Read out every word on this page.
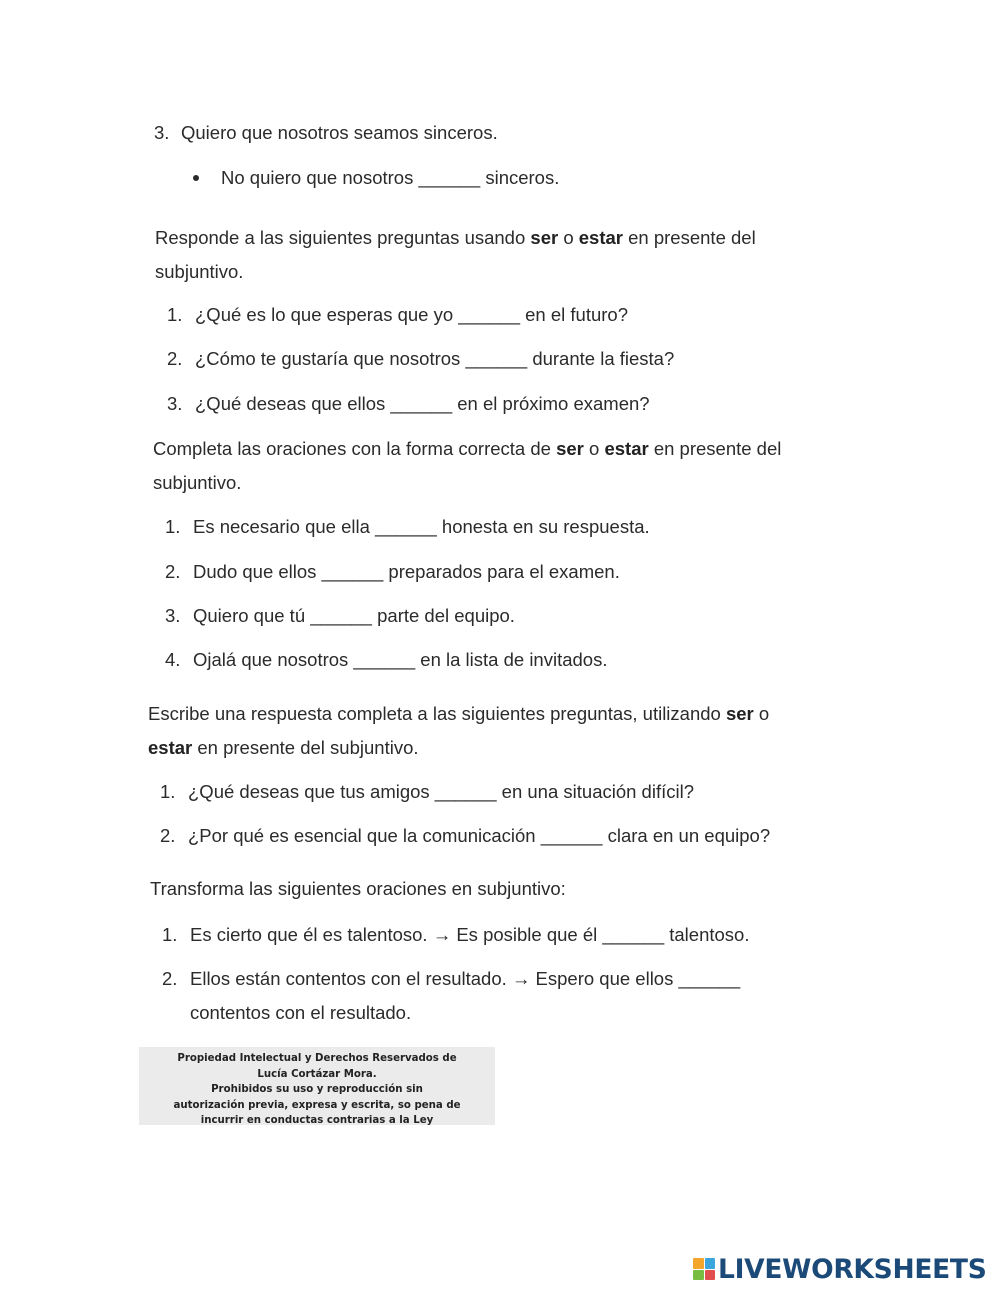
3. Quiero que nosotros seamos sinceros.
No quiero que nosotros ______ sinceros.
Responde a las siguientes preguntas usando ser o estar en presente del subjuntivo.
1. ¿Qué es lo que esperas que yo ______ en el futuro?
2. ¿Cómo te gustaría que nosotros ______ durante la fiesta?
3. ¿Qué deseas que ellos ______ en el próximo examen?
Completa las oraciones con la forma correcta de ser o estar en presente del subjuntivo.
1. Es necesario que ella ______ honesta en su respuesta.
2. Dudo que ellos ______ preparados para el examen.
3. Quiero que tú ______ parte del equipo.
4. Ojalá que nosotros ______ en la lista de invitados.
Escribe una respuesta completa a las siguientes preguntas, utilizando ser o estar en presente del subjuntivo.
1. ¿Qué deseas que tus amigos ______ en una situación difícil?
2. ¿Por qué es esencial que la comunicación ______ clara en un equipo?
Transforma las siguientes oraciones en subjuntivo:
1. Es cierto que él es talentoso. → Es posible que él ______ talentoso.
2. Ellos están contentos con el resultado. → Espero que ellos ______
contentos con el resultado.
Propiedad Intelectual y Derechos Reservados de
Lucía Cortázar Mora.
Prohibidos su uso y reproducción sin
autorización previa, expresa y escrita, so pena de
incurrir en conductas contrarias a la Ley
LIVEWORKSHEETS
